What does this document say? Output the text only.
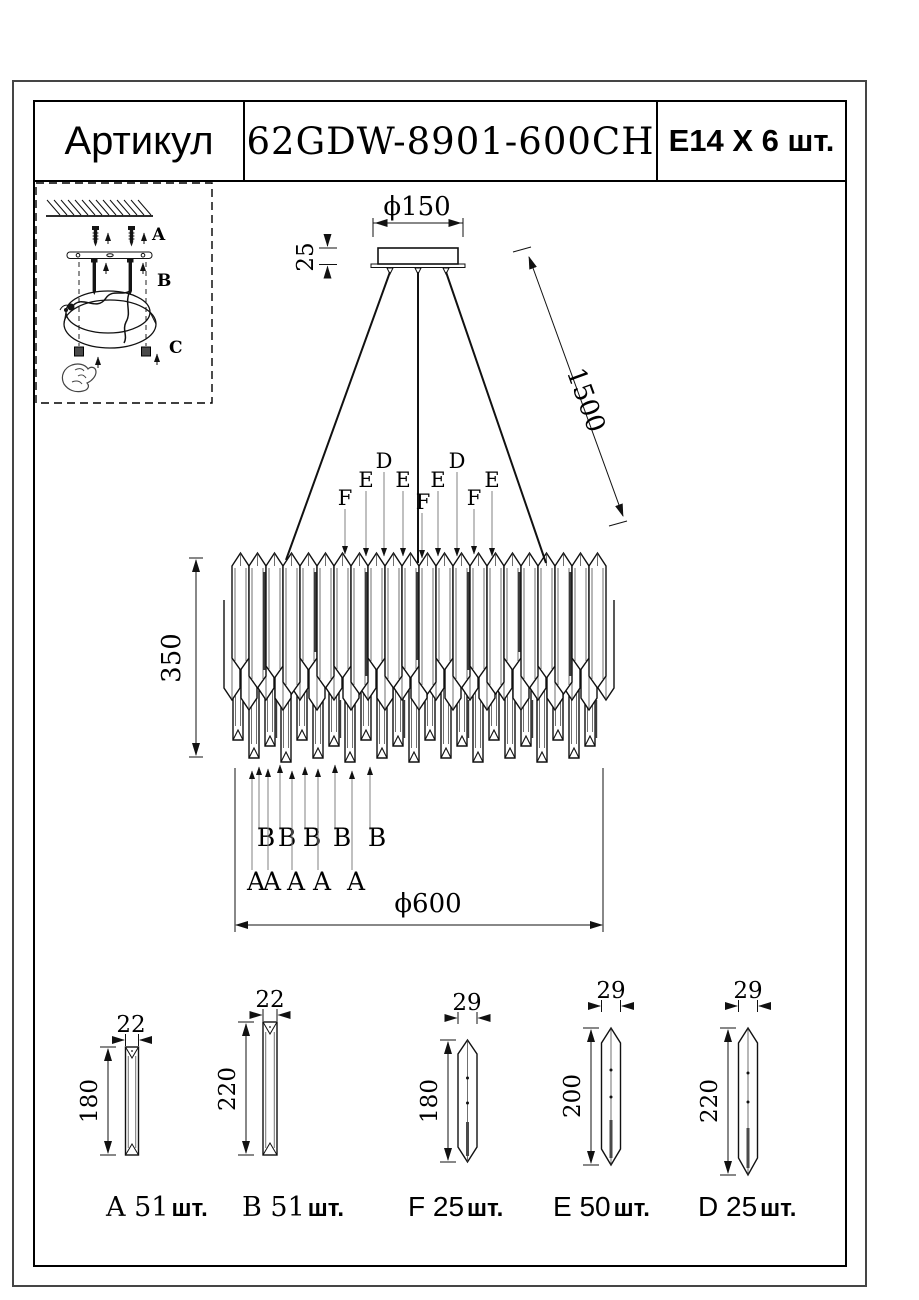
Артикул 62GDW-8901-600CH E14 X 6 шт.
A
B
C
ϕ150
25
1500
350
ϕ600
F
E
D
E
F
E
D
F
E
B B B B B
A
A A A A
22
180
A 51 шт.
22
220
B 51 шт.
29
180
F 25 шт.
29
200
E 50 шт.
29
220
D 25 шт.
